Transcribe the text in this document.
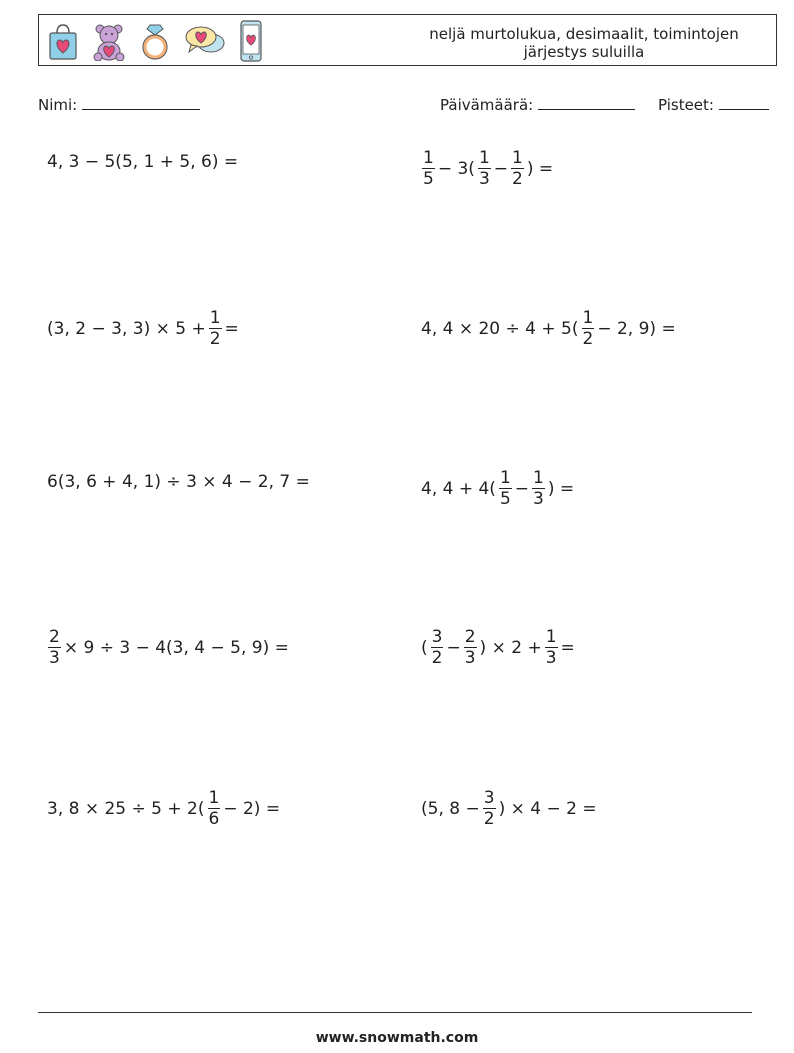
neljä murtolukua, desimaalit, toimintojen
järjestys suluilla
Nimi:	Päivämäärä:	Pisteet:
4, 3 − 5(5, 1 + 5, 6) =	$\frac{1}{5} - 3( \frac{1}{3} - \frac{1}{2}$ ) =
(3, 2 − 3, $3) \times 5 + \frac{1}{2}$ =	4, $4 \times 20 \div 4 + 5( \frac{1}{2} - 2$, 9) =
6(3, 6 + 4, 1) ÷ 3 × 4 − 2, 7 =	4, $4 + 4( \frac{1}{5} - \frac{1}{3}$ ) =
$\frac{2}{3} \times 9 \div 3 - 4(3$, 4 − 5, 9) =	( $\frac{3}{2} - \frac{2}{3}$ ) × $2 + \frac{1}{3}$ =
3, $8 \times 25 \div 5 + 2( \frac{1}{6} - 2)$ =	(5, $8 - \frac{3}{2}$ ) × 4 − 2 =
www.snowmath.com
